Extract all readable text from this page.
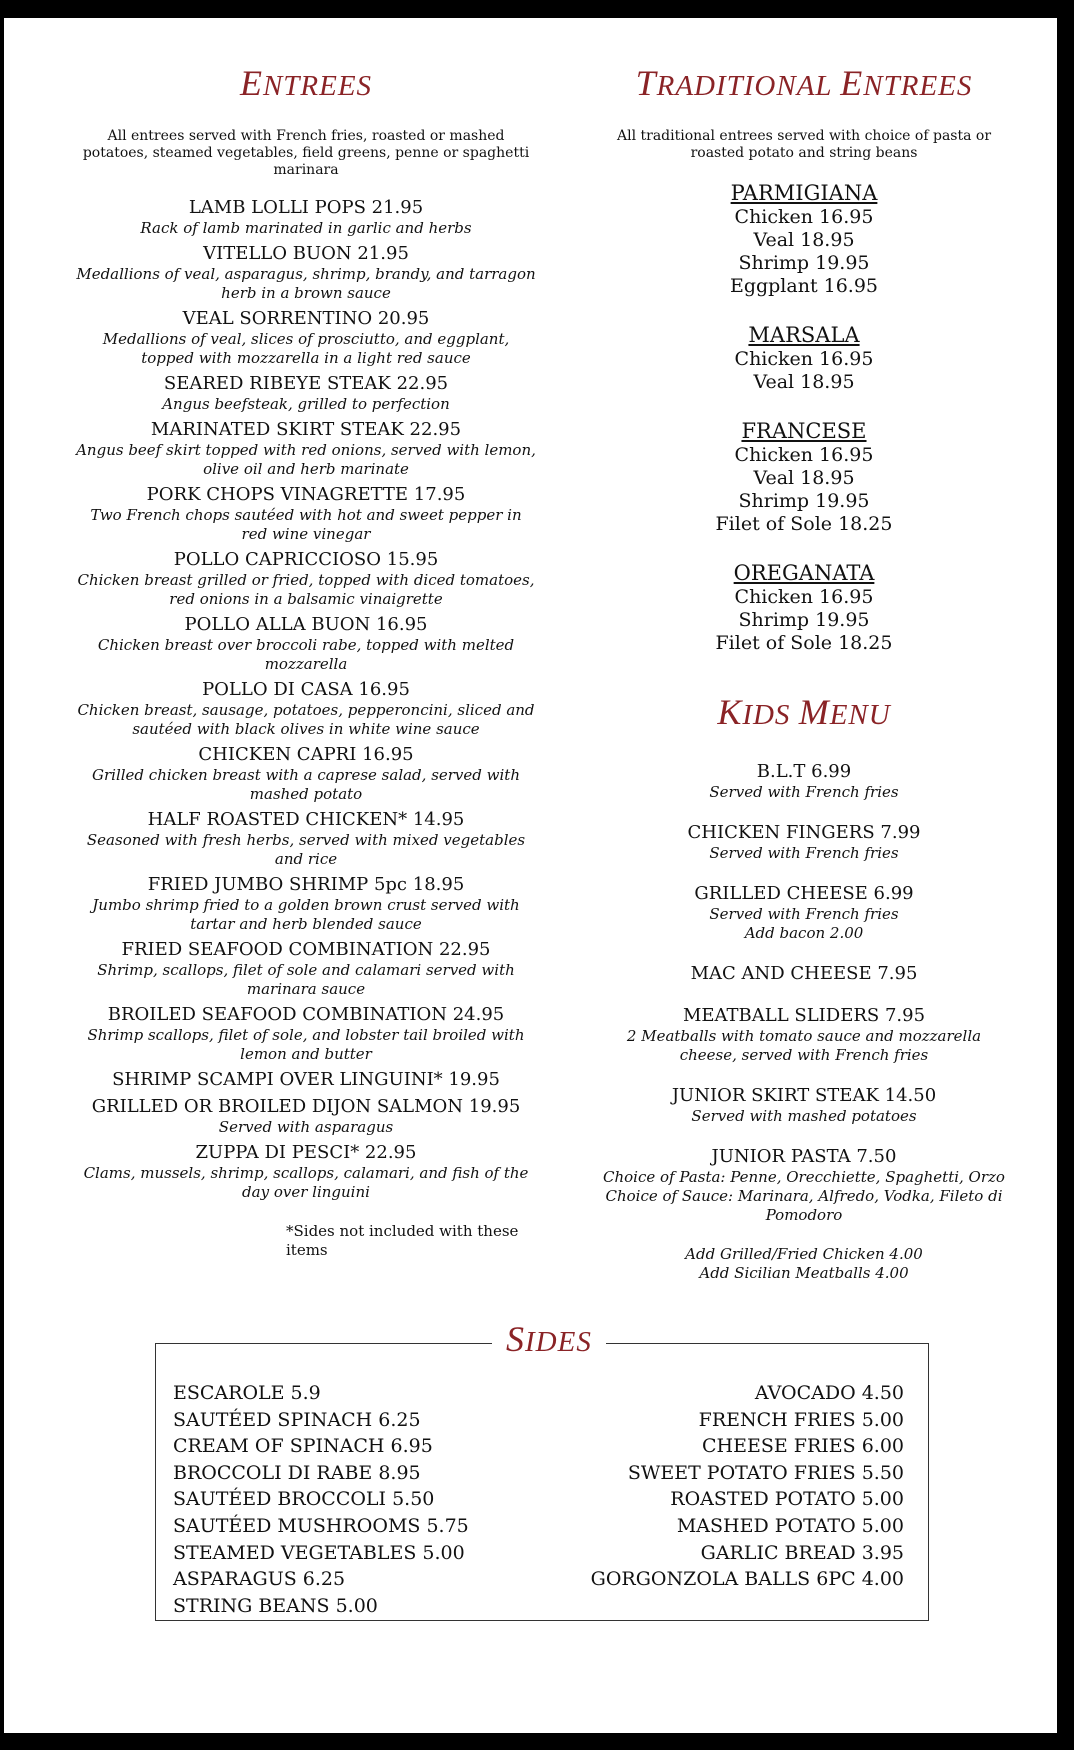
ENTREES
All entrees served with French fries, roasted or mashed potatoes, steamed vegetables, field greens, penne or spaghetti marinara
LAMB LOLLI POPS 21.95
Rack of lamb marinated in garlic and herbs
VITELLO BUON 21.95
Medallions of veal, asparagus, shrimp, brandy, and tarragon herb in a brown sauce
VEAL SORRENTINO 20.95
Medallions of veal, slices of prosciutto, and eggplant, topped with mozzarella in a light red sauce
SEARED RIBEYE STEAK 22.95
Angus beefsteak, grilled to perfection
MARINATED SKIRT STEAK 22.95
Angus beef skirt topped with red onions, served with lemon, olive oil and herb marinate
PORK CHOPS VINAGRETTE 17.95
Two French chops sautéed with hot and sweet pepper in red wine vinegar
POLLO CAPRICCIOSO 15.95
Chicken breast grilled or fried, topped with diced tomatoes, red onions in a balsamic vinaigrette
POLLO ALLA BUON 16.95
Chicken breast over broccoli rabe, topped with melted mozzarella
POLLO DI CASA 16.95
Chicken breast, sausage, potatoes, pepperoncini, sliced and sautéed with black olives in white wine sauce
CHICKEN CAPRI 16.95
Grilled chicken breast with a caprese salad, served with mashed potato
HALF ROASTED CHICKEN* 14.95
Seasoned with fresh herbs, served with mixed vegetables and rice
FRIED JUMBO SHRIMP 5pc 18.95
Jumbo shrimp fried to a golden brown crust served with tartar and herb blended sauce
FRIED SEAFOOD COMBINATION 22.95
Shrimp, scallops, filet of sole and calamari served with marinara sauce
BROILED SEAFOOD COMBINATION 24.95
Shrimp scallops, filet of sole, and lobster tail broiled with lemon and butter
SHRIMP SCAMPI OVER LINGUINI* 19.95
GRILLED OR BROILED DIJON SALMON 19.95
Served with asparagus
ZUPPA DI PESCI* 22.95
Clams, mussels, shrimp, scallops, calamari, and fish of the day over linguini
*Sides not included with these items
TRADITIONAL ENTREES
All traditional entrees served with choice of pasta or roasted potato and string beans
PARMIGIANA
Chicken 16.95
Veal 18.95
Shrimp 19.95
Eggplant 16.95
MARSALA
Chicken 16.95
Veal 18.95
FRANCESE
Chicken 16.95
Veal 18.95
Shrimp 19.95
Filet of Sole 18.25
OREGANATA
Chicken 16.95
Shrimp 19.95
Filet of Sole 18.25
KIDS MENU
B.L.T 6.99
Served with French fries
CHICKEN FINGERS 7.99
Served with French fries
GRILLED CHEESE 6.99
Served with French fries
Add bacon 2.00
MAC AND CHEESE 7.95
MEATBALL SLIDERS 7.95
2 Meatballs with tomato sauce and mozzarella cheese, served with French fries
JUNIOR SKIRT STEAK 14.50
Served with mashed potatoes
JUNIOR PASTA 7.50
Choice of Pasta: Penne, Orecchiette, Spaghetti, Orzo
Choice of Sauce: Marinara, Alfredo, Vodka, Fileto di Pomodoro
Add Grilled/Fried Chicken 4.00
Add Sicilian Meatballs 4.00
SIDES
ESCAROLE 5.9
SAUTÉED SPINACH 6.25
CREAM OF SPINACH 6.95
BROCCOLI DI RABE 8.95
SAUTÉED BROCCOLI 5.50
SAUTÉED MUSHROOMS 5.75
STEAMED VEGETABLES 5.00
ASPARAGUS 6.25
STRING BEANS 5.00
AVOCADO 4.50
FRENCH FRIES 5.00
CHEESE FRIES 6.00
SWEET POTATO FRIES 5.50
ROASTED POTATO 5.00
MASHED POTATO 5.00
GARLIC BREAD 3.95
GORGONZOLA BALLS 6PC 4.00
